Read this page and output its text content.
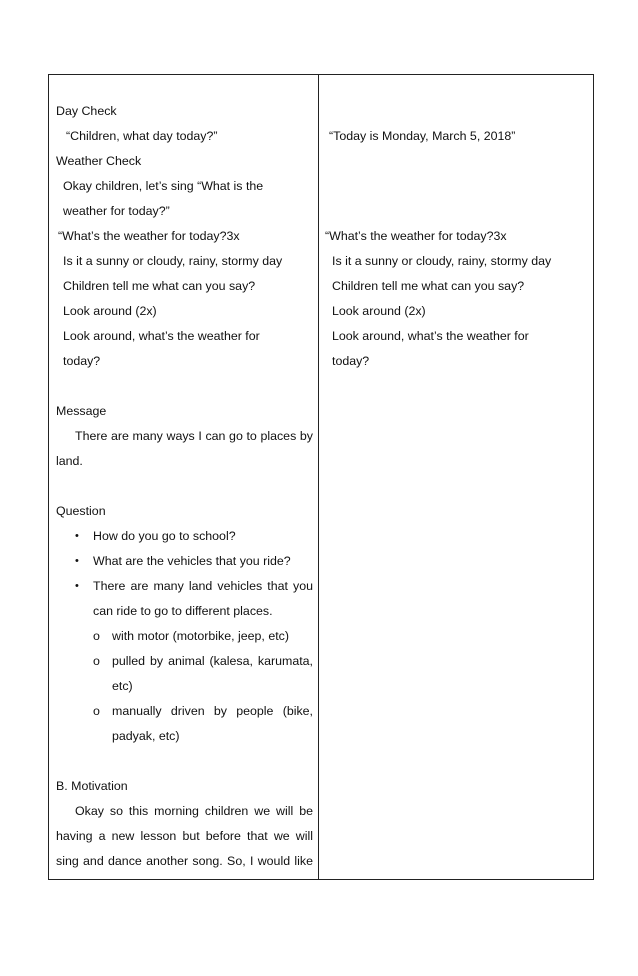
Day Check
“Children, what day today?”
Weather Check
Okay children, let’s sing “What is the
weather for today?”
“What’s the weather for today?3x
Is it a sunny or cloudy, rainy, stormy day
Children tell me what can you say?
Look around (2x)
Look around, what’s the weather for
today?
Message
There are many ways I can go to places by
land.
Question
• How do you go to school?
• What are the vehicles that you ride?
• There are many land vehicles that you
can ride to go to different places.
o with motor (motorbike, jeep, etc)
o pulled by animal (kalesa, karumata,
etc)
o manually driven by people (bike,
padyak, etc)
B. Motivation
Okay so this morning children we will be
having a new lesson but before that we will
sing and dance another song. So, I would like
“Today is Monday, March 5, 2018”
“What’s the weather for today?3x
Is it a sunny or cloudy, rainy, stormy day
Children tell me what can you say?
Look around (2x)
Look around, what’s the weather for
today?
